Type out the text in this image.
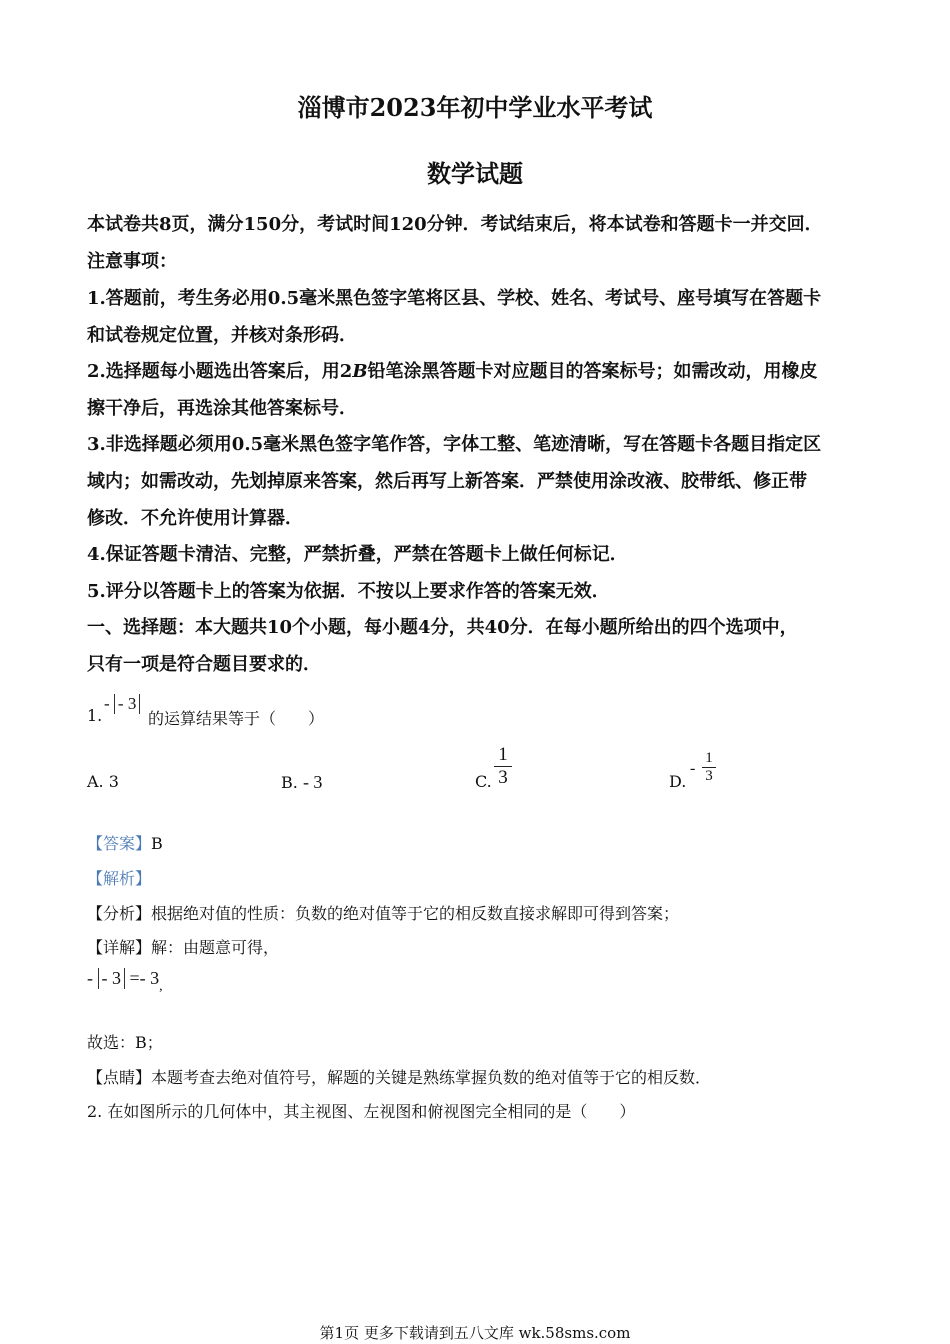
淄博市2023年初中学业水平考试
数学试题
本试卷共8页，满分150分，考试时间120分钟．考试结束后，将本试卷和答题卡一并交回．
注意事项：
1.答题前，考生务必用0.5毫米黑色签字笔将区县、学校、姓名、考试号、座号填写在答题卡
和试卷规定位置，并核对条形码．
2.选择题每小题选出答案后，用2B铅笔涂黑答题卡对应题目的答案标号；如需改动，用橡皮
擦干净后，再选涂其他答案标号．
3.非选择题必须用0.5毫米黑色签字笔作答，字体工整、笔迹清晰，写在答题卡各题目指定区
域内；如需改动，先划掉原来答案，然后再写上新答案．严禁使用涂改液、胶带纸、修正带
修改．不允许使用计算器．
4.保证答题卡清洁、完整，严禁折叠，严禁在答题卡上做任何标记．
5.评分以答题卡上的答案为依据．不按以上要求作答的答案无效．
一、选择题：本大题共10个小题，每小题4分，共40分．在每小题所给出的四个选项中，
只有一项是符合题目要求的．
1.
- - 3
的运算结果等于（　　）
A. 3	B. - 3	C.
1
3	D.
-
1
3
【答案】B
【解析】
【分析】根据绝对值的性质：负数的绝对值等于它的相反数直接求解即可得到答案；
【详解】解：由题意可得，
- - $3 =- 3_,$
故选：B；
【点睛】本题考查去绝对值符号，解题的关键是熟练掌握负数的绝对值等于它的相反数．
2. 在如图所示的几何体中，其主视图、左视图和俯视图完全相同的是（　　）
第1页 更多下载请到五八文库 wk.58sms.com
